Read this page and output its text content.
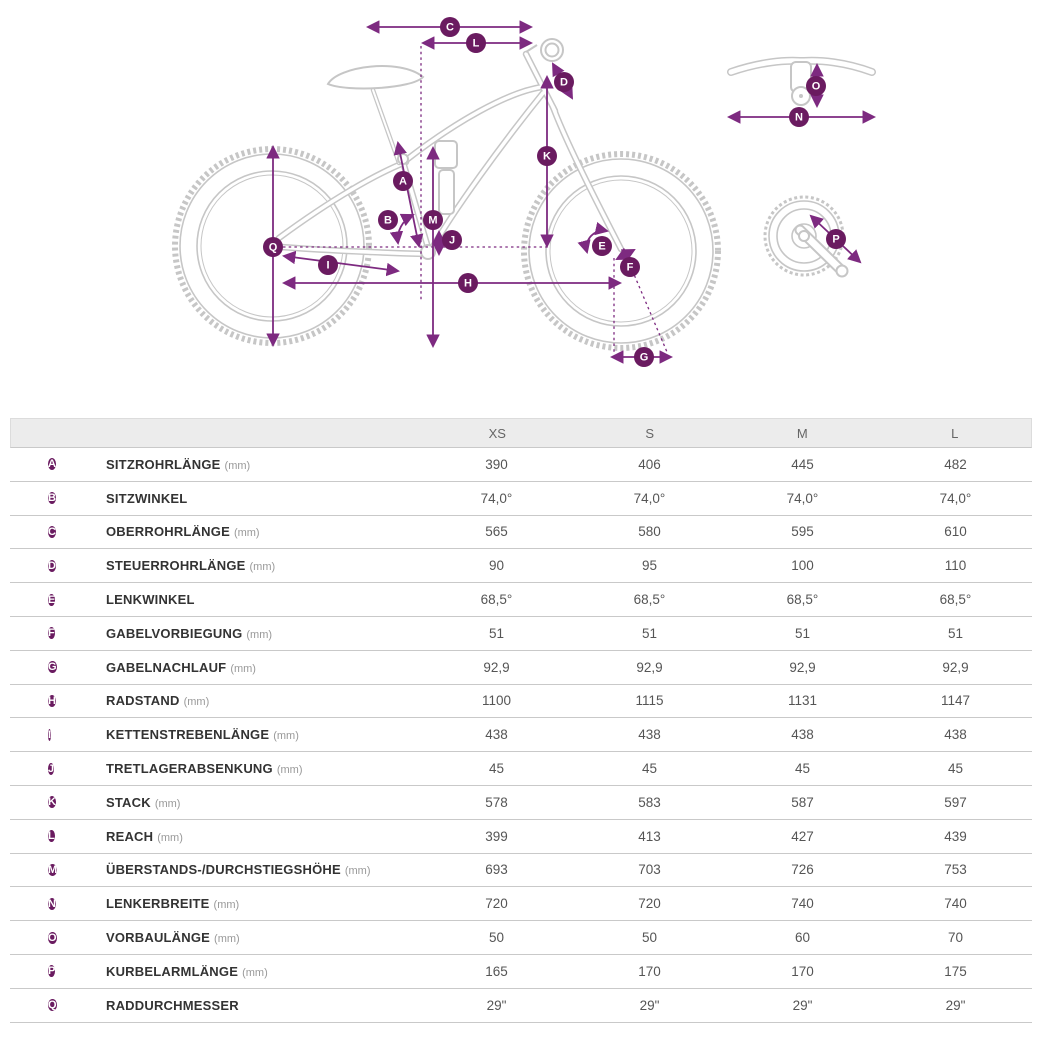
A
B
C
D
E
F
G
H
I
J
K
L
M
N
O
P
Q
XS	S	M	L
A	SITZROHRLÄNGE (mm)	390	406	445	482
B	SITZWINKEL	74,0°	74,0°	74,0°	74,0°
C	OBERROHRLÄNGE (mm)	565	580	595	610
D	STEUERROHRLÄNGE (mm)	90	95	100	110
E	LENKWINKEL	68,5°	68,5°	68,5°	68,5°
F	GABELVORBIEGUNG (mm)	51	51	51	51
G	GABELNACHLAUF (mm)	92,9	92,9	92,9	92,9
H	RADSTAND (mm)	1100	1115	1131	1147
I	KETTENSTREBENLÄNGE (mm)	438	438	438	438
J	TRETLAGERABSENKUNG (mm)	45	45	45	45
K	STACK (mm)	578	583	587	597
L	REACH (mm)	399	413	427	439
M	ÜBERSTANDS-/DURCHSTIEGSHÖHE (mm)	693	703	726	753
N	LENKERBREITE (mm)	720	720	740	740
O	VORBAULÄNGE (mm)	50	50	60	70
P	KURBELARMLÄNGE (mm)	165	170	170	175
Q	RADDURCHMESSER	29"	29"	29"	29"
